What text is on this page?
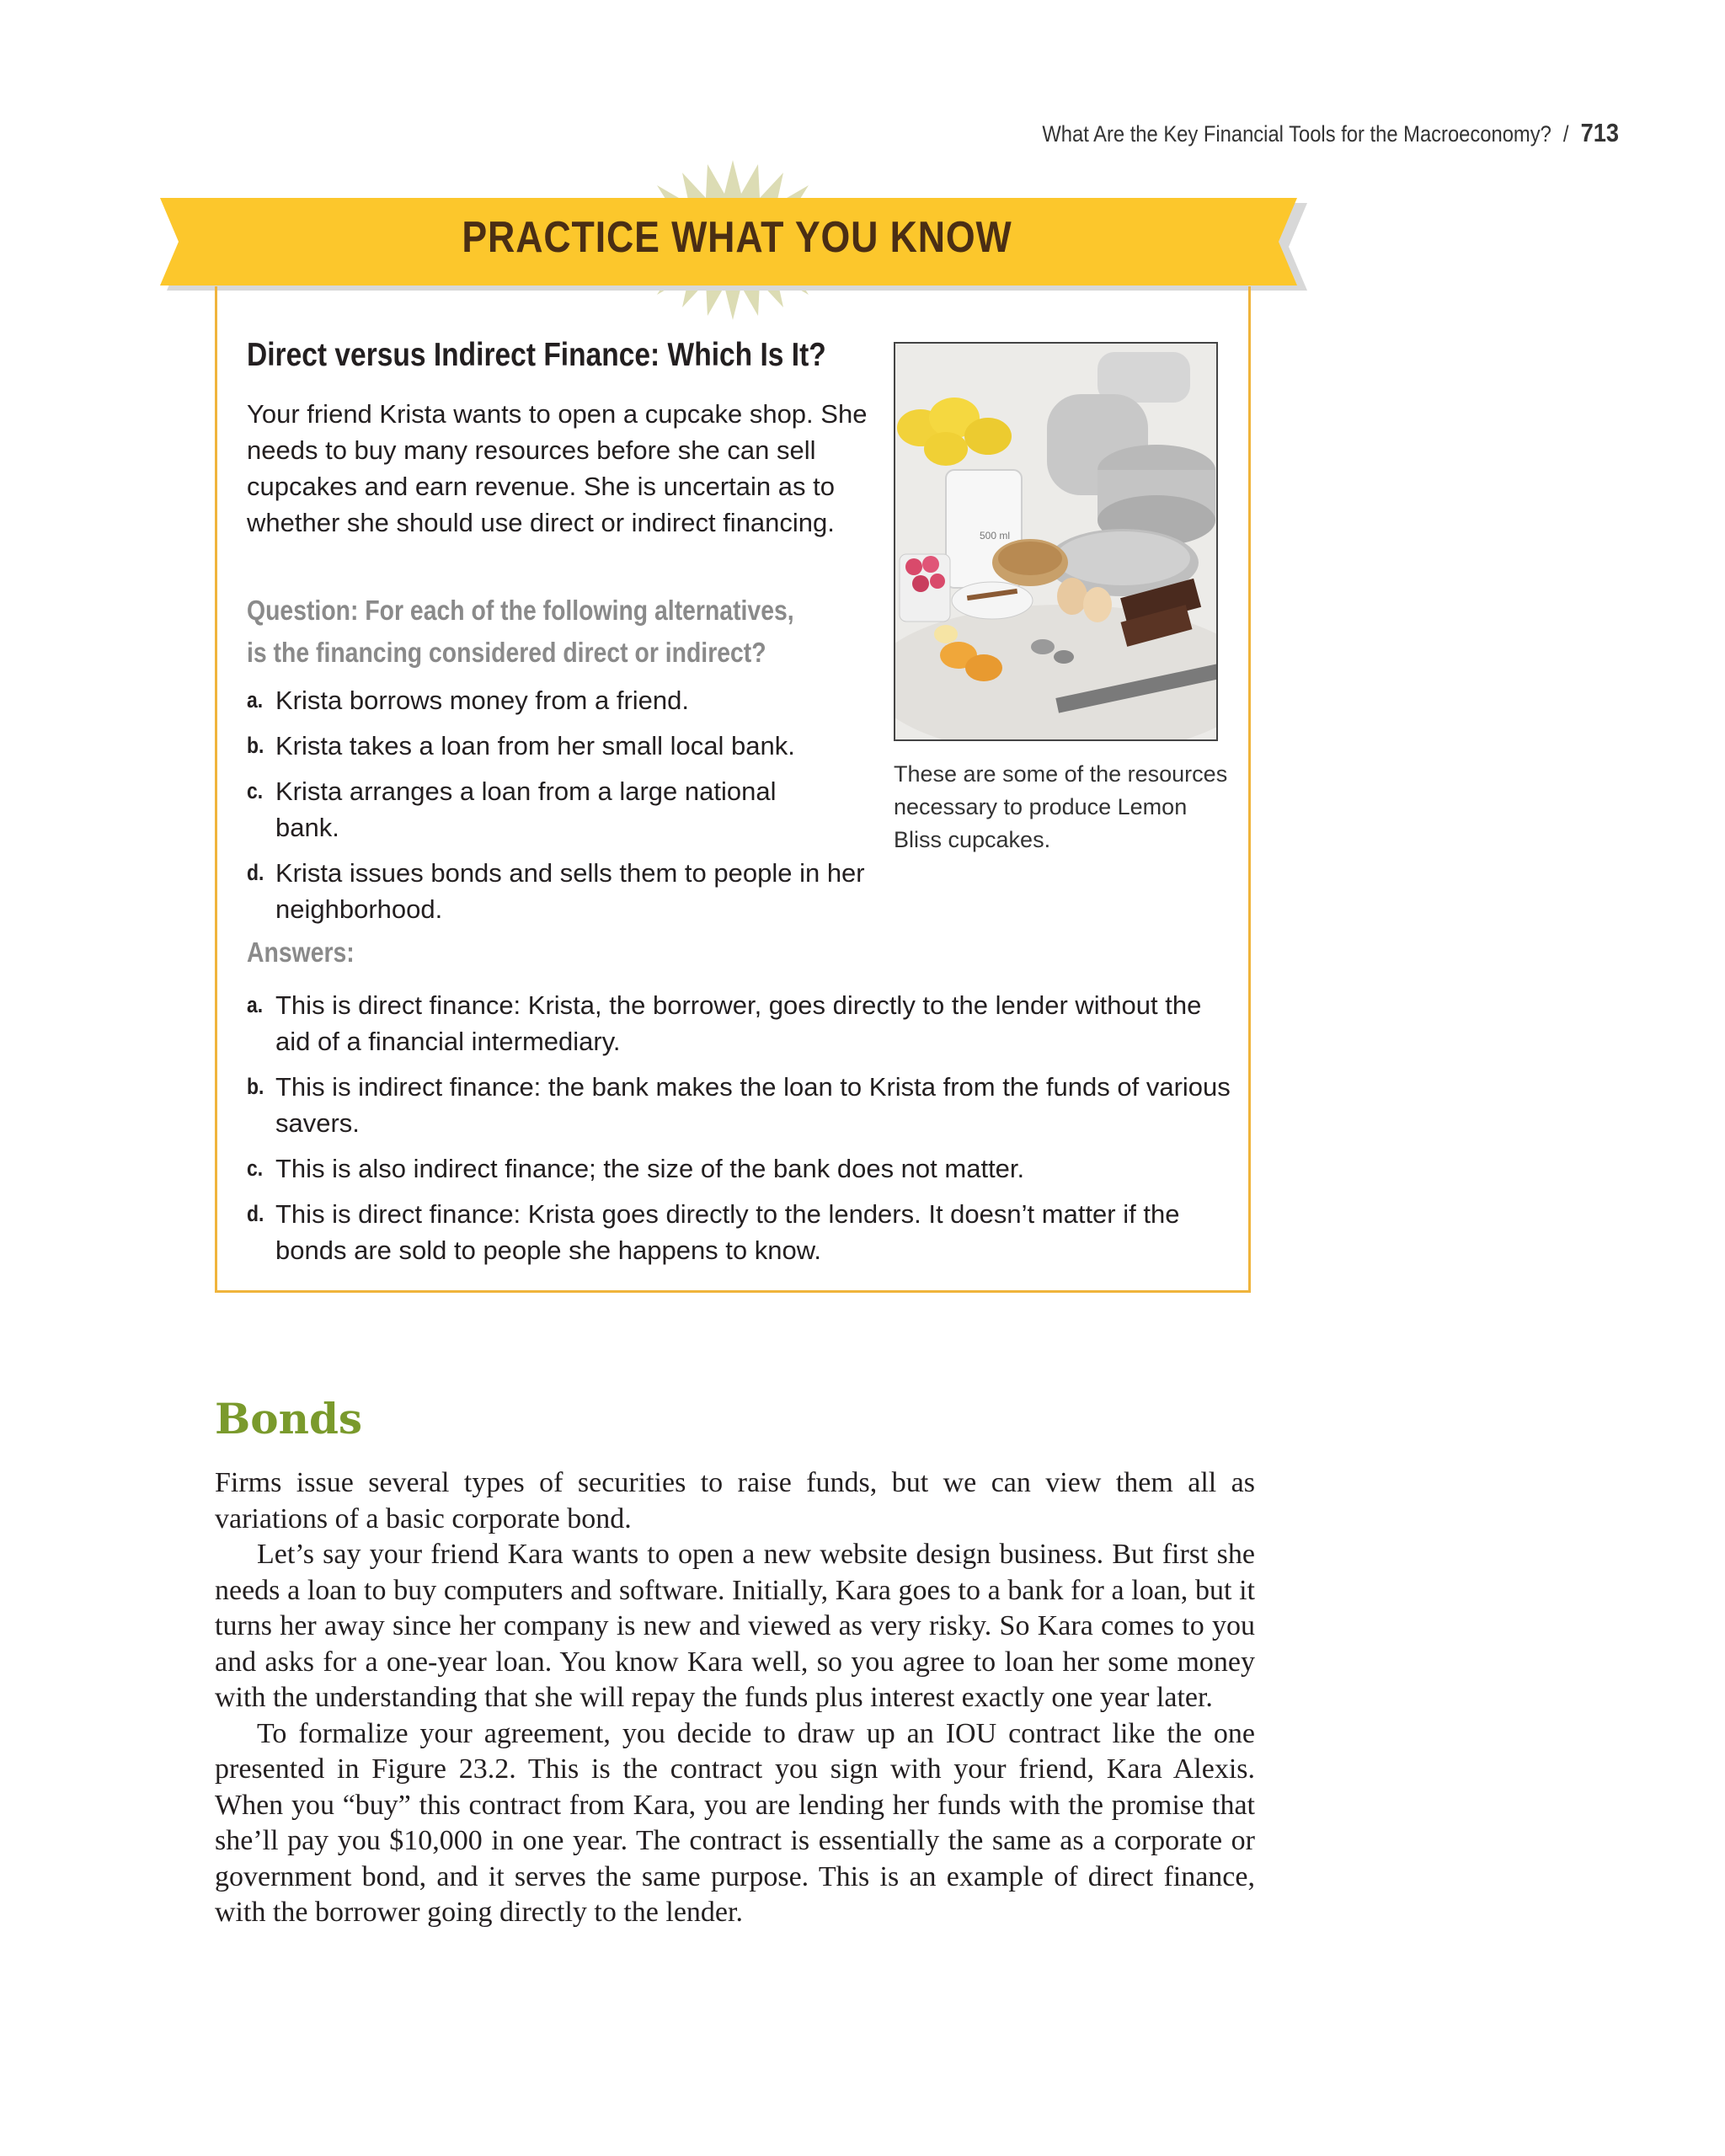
What Are the Key Financial Tools for the Macroeconomy? / 713
PRACTICE WHAT YOU KNOW
Direct versus Indirect Finance: Which Is It?
Your friend Krista wants to open a cupcake shop. She needs to buy many resources before she can sell cupcakes and earn revenue. She is uncertain as to whether she should use direct or indirect financing.
Question: For each of the following alternatives, is the financing considered direct or indirect?
a. Krista borrows money from a friend.
b. Krista takes a loan from her small local bank.
c. Krista arranges a loan from a large national bank.
d. Krista issues bonds and sells them to people in her neighborhood.
Answers:
a. This is direct finance: Krista, the borrower, goes directly to the lender without the aid of a financial intermediary.
b. This is indirect finance: the bank makes the loan to Krista from the funds of various savers.
c. This is also indirect finance; the size of the bank does not matter.
d. This is direct finance: Krista goes directly to the lenders. It doesn’t matter if the bonds are sold to people she happens to know.
500 ml
These are some of the resources necessary to produce Lemon Bliss cupcakes.
Bonds

Firms issue several types of securities to raise funds, but we can view them all as variations of a basic corporate bond.

Let’s say your friend Kara wants to open a new website design business. But first she needs a loan to buy computers and software. Initially, Kara goes to a bank for a loan, but it turns her away since her company is new and viewed as very risky. So Kara comes to you and asks for a one-year loan. You know Kara well, so you agree to loan her some money with the understanding that she will repay the funds plus interest exactly one year later.

To formalize your agreement, you decide to draw up an IOU contract like the one presented in Figure 23.2. This is the contract you sign with your friend, Kara Alexis. When you “buy” this contract from Kara, you are lending her funds with the promise that she’ll pay you $10,000 in one year. The contract is essentially the same as a corporate or government bond, and it serves the same purpose. This is an example of direct finance, with the borrower going directly to the lender.
